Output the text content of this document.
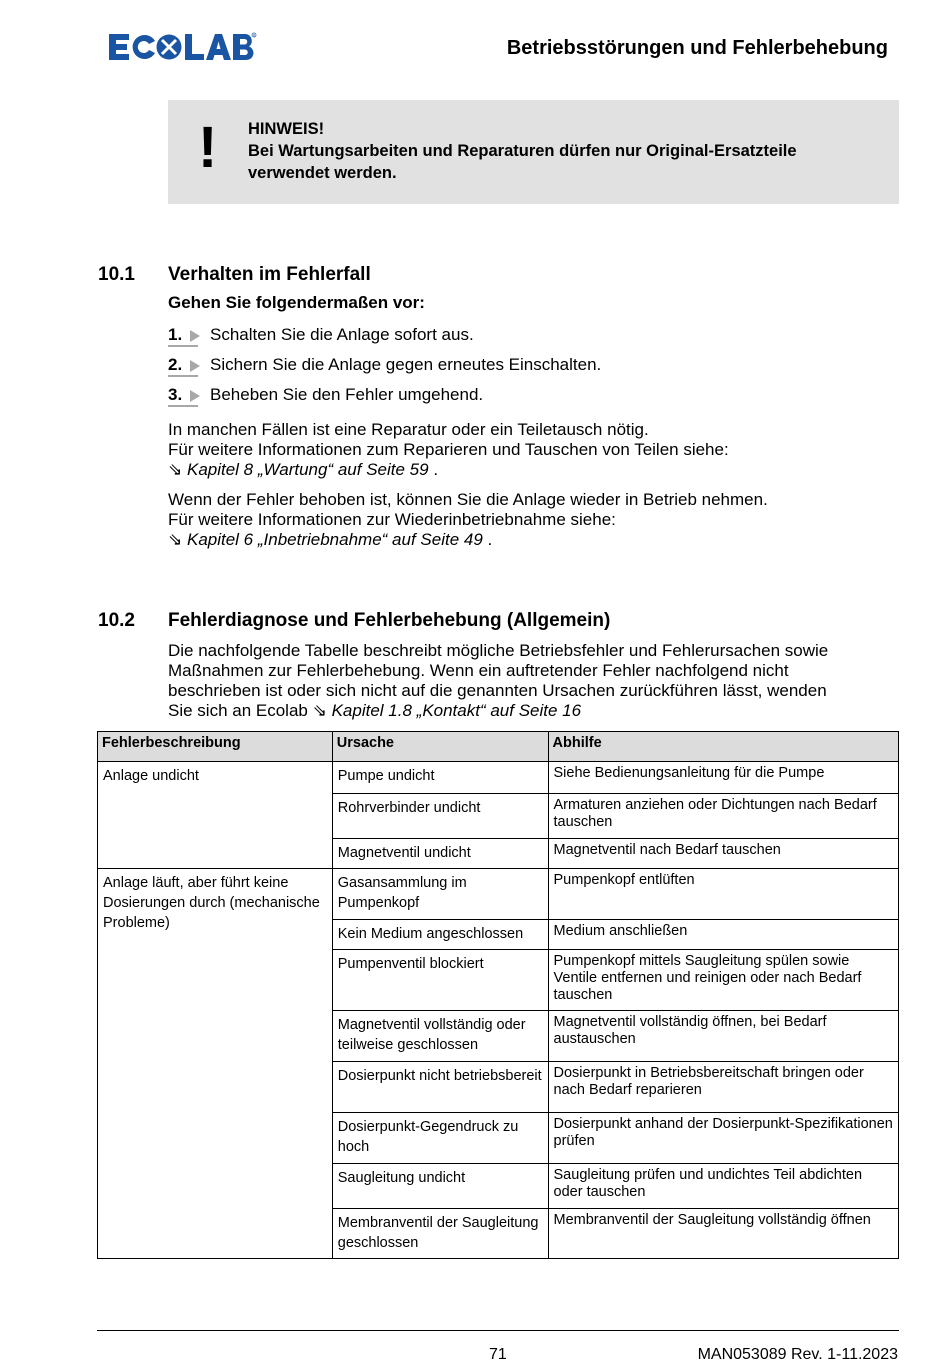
R
Betriebsstörungen und Fehlerbehebung
! HINWEIS!
Bei Wartungsarbeiten und Reparaturen dürfen nur Original-Ersatzteile
verwendet werden.
10.1 Verhalten im Fehlerfall
Gehen Sie folgendermaßen vor:
1.	Schalten Sie die Anlage sofort aus.
2.	Sichern Sie die Anlage gegen erneutes Einschalten.
3.	Beheben Sie den Fehler umgehend.
In manchen Fällen ist eine Reparatur oder ein Teiletausch nötig.
Für weitere Informationen zum Reparieren und Tauschen von Teilen siehe:
⇘ Kapitel 8 „Wartung“ auf Seite 59 .
Wenn der Fehler behoben ist, können Sie die Anlage wieder in Betrieb nehmen.
Für weitere Informationen zur Wiederinbetriebnahme siehe:
⇘ Kapitel 6 „Inbetriebnahme“ auf Seite 49 .
10.2 Fehlerdiagnose und Fehlerbehebung (Allgemein)
Die nachfolgende Tabelle beschreibt mögliche Betriebsfehler und Fehlerursachen sowie
Maßnahmen zur Fehlerbehebung. Wenn ein auftretender Fehler nachfolgend nicht
beschrieben ist oder sich nicht auf die genannten Ursachen zurückführen lässt, wenden
Sie sich an Ecolab ⇘ Kapitel 1.8 „Kontakt“ auf Seite 16
Fehlerbeschreibung	Ursache	Abhilfe
Anlage undicht	Pumpe undicht	Siehe Bedienungsanleitung für die Pumpe
	Rohrverbinder undicht	Armaturen anziehen oder Dichtungen nach Bedarf tauschen
	Magnetventil undicht	Magnetventil nach Bedarf tauschen
Anlage läuft, aber führt keine Dosierungen durch (mechanische Probleme)	Gasansammlung im Pumpenkopf	Pumpenkopf entlüften
	Kein Medium angeschlossen	Medium anschließen
	Pumpenventil blockiert	Pumpenkopf mittels Saugleitung spülen sowie Ventile entfernen und reinigen oder nach Bedarf tauschen
	Magnetventil vollständig oder teilweise geschlossen	Magnetventil vollständig öffnen, bei Bedarf austauschen
	Dosierpunkt nicht betriebsbereit	Dosierpunkt in Betriebsbereitschaft bringen oder nach Bedarf reparieren
	Dosierpunkt-Gegendruck zu hoch	Dosierpunkt anhand der Dosierpunkt-Spezifikationen prüfen
	Saugleitung undicht	Saugleitung prüfen und undichtes Teil abdichten oder tauschen
	Membranventil der Saugleitung geschlossen	Membranventil der Saugleitung vollständig öffnen
71	MAN053089 Rev. 1-11.2023
